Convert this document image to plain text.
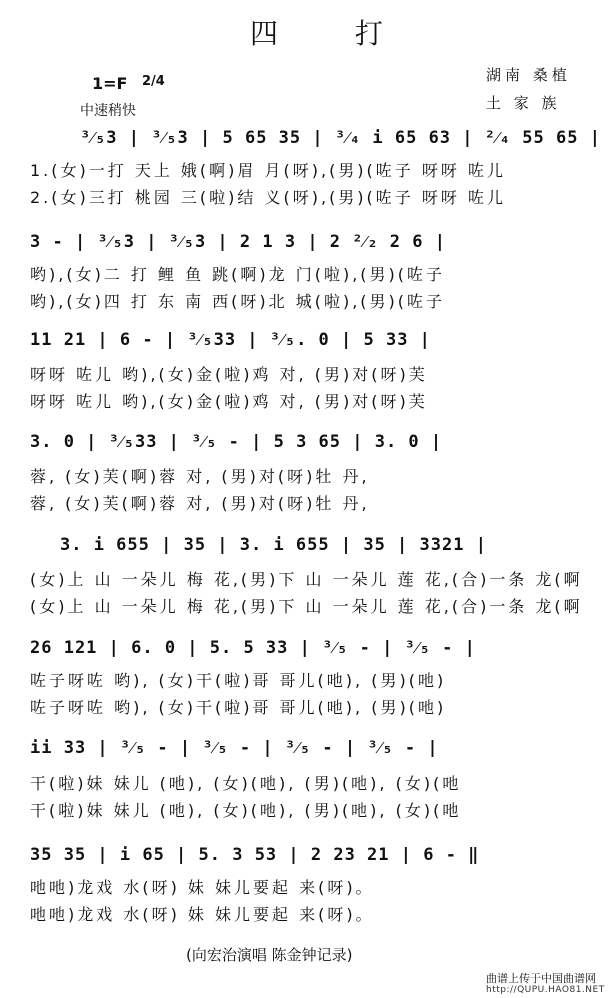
四 打
1=F 2/4
中速稍快
湖南 桑植
土 家 族
³⁄₅3 | ³⁄₅3 | 5 65 35 | ³⁄₄ i 65 63 | ²⁄₄ 55 65 |
1.(女)一打 天上 娥(啊)眉 月(呀),(男)(咗子 呀呀 咗儿
2.(女)三打 桃园 三(啦)结 义(呀),(男)(咗子 呀呀 咗儿
3 - | ³⁄₅3 | ³⁄₅3 | 2 1 3 | 2 ²⁄₂ 2 6 |
哟),(女)二 打 鲤 鱼 跳(啊)龙 门(啦),(男)(咗子
哟),(女)四 打 东 南 西(呀)北 城(啦),(男)(咗子
11 21 | 6 - | ³⁄₅33 | ³⁄₅. 0 | 5 33 |
呀呀 咗儿 哟),(女)金(啦)鸡 对, (男)对(呀)芙
呀呀 咗儿 哟),(女)金(啦)鸡 对, (男)对(呀)芙
3. 0 | ³⁄₅33 | ³⁄₅ - | 5 3 65 | 3. 0 |
蓉, (女)芙(啊)蓉 对, (男)对(呀)牡 丹,
蓉, (女)芙(啊)蓉 对, (男)对(呀)牡 丹,
3. i 655 | 35 | 3. i 655 | 35 | 3321 |
(女)上 山 一朵儿 梅 花,(男)下 山 一朵儿 莲 花,(合)一条 龙(啊
(女)上 山 一朵儿 梅 花,(男)下 山 一朵儿 莲 花,(合)一条 龙(啊
26 121 | 6. 0 | 5. 5 33 | ³⁄₅ - | ³⁄₅ - |
咗子呀咗 哟), (女)干(啦)哥 哥儿(吔), (男)(吔)
咗子呀咗 哟), (女)干(啦)哥 哥儿(吔), (男)(吔)
ii 33 | ³⁄₅ - | ³⁄₅ - | ³⁄₅ - | ³⁄₅ - |
干(啦)妹 妹儿 (吔), (女)(吔), (男)(吔), (女)(吔
干(啦)妹 妹儿 (吔), (女)(吔), (男)(吔), (女)(吔
35 35 | i 65 | 5. 3 53 | 2 23 21 | 6 - ‖
吔吔)龙戏 水(呀) 妹 妹儿要起 来(呀)。
吔吔)龙戏 水(呀) 妹 妹儿要起 来(呀)。
(向宏治演唱 陈金钟记录)
曲谱上传于中国曲谱网
http://QUPU.HAO81.NET
